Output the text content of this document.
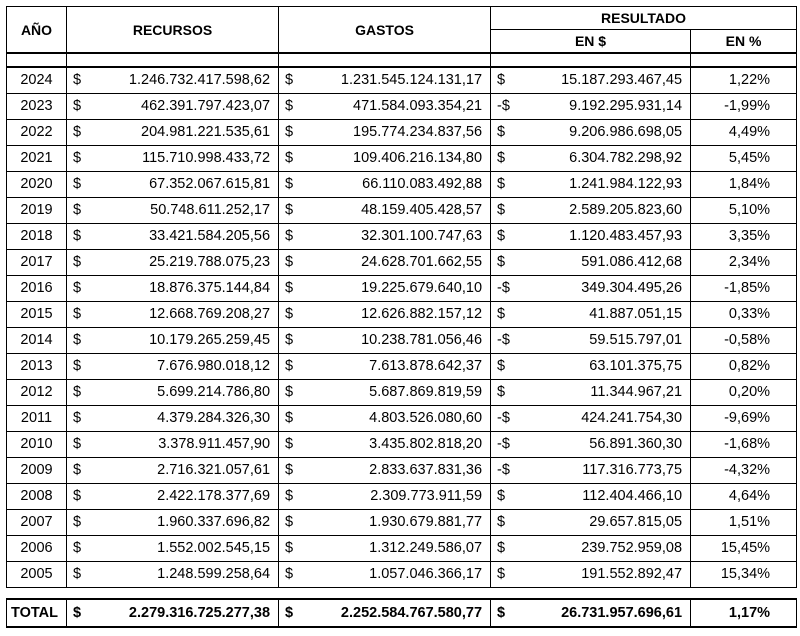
AÑO	RECURSOS		GASTOS		RESULTADO		
					EN $		EN %

2024	$	1.246.732.417.598,62	$	1.231.545.124.131,17	$	15.187.293.467,45	1,22%
2023	$	462.391.797.423,07	$	471.584.093.354,21	-$	9.192.295.931,14	-1,99%
2022	$	204.981.221.535,61	$	195.774.234.837,56	$	9.206.986.698,05	4,49%
2021	$	115.710.998.433,72	$	109.406.216.134,80	$	6.304.782.298,92	5,45%
2020	$	67.352.067.615,81	$	66.110.083.492,88	$	1.241.984.122,93	1,84%
2019	$	50.748.611.252,17	$	48.159.405.428,57	$	2.589.205.823,60	5,10%
2018	$	33.421.584.205,56	$	32.301.100.747,63	$	1.120.483.457,93	3,35%
2017	$	25.219.788.075,23	$	24.628.701.662,55	$	591.086.412,68	2,34%
2016	$	18.876.375.144,84	$	19.225.679.640,10	-$	349.304.495,26	-1,85%
2015	$	12.668.769.208,27	$	12.626.882.157,12	$	41.887.051,15	0,33%
2014	$	10.179.265.259,45	$	10.238.781.056,46	-$	59.515.797,01	-0,58%
2013	$	7.676.980.018,12	$	7.613.878.642,37	$	63.101.375,75	0,82%
2012	$	5.699.214.786,80	$	5.687.869.819,59	$	11.344.967,21	0,20%
2011	$	4.379.284.326,30	$	4.803.526.080,60	-$	424.241.754,30	-9,69%
2010	$	3.378.911.457,90	$	3.435.802.818,20	-$	56.891.360,30	-1,68%
2009	$	2.716.321.057,61	$	2.833.637.831,36	-$	117.316.773,75	-4,32%
2008	$	2.422.178.377,69	$	2.309.773.911,59	$	112.404.466,10	4,64%
2007	$	1.960.337.696,82	$	1.930.679.881,77	$	29.657.815,05	1,51%
2006	$	1.552.002.545,15	$	1.312.249.586,07	$	239.752.959,08	15,45%
2005	$	1.248.599.258,64	$	1.057.046.366,17	$	191.552.892,47	15,34%

TOTAL	$	2.279.316.725.277,38	$	2.252.584.767.580,77	$	26.731.957.696,61	1,17%
